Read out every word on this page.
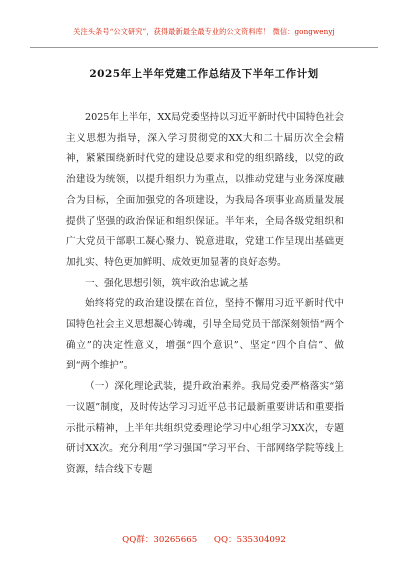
关注头条号“公文研究”，获得最新最全最专业的公文资料库！ 微信：gongwenyj
2025年上半年党建工作总结及下半年工作计划

2025年上半年，XX局党委坚持以习近平新时代中国特色社会主义思想为指导，深入学习贯彻党的XX大和二十届历次全会精神，紧紧围绕新时代党的建设总要求和党的组织路线，以党的政治建设为统领，以提升组织力为重点，以推动党建与业务深度融合为目标，全面加强党的各项建设，为我局各项事业高质量发展提供了坚强的政治保证和组织保证。半年来，全局各级党组织和广大党员干部职工凝心聚力、锐意进取，党建工作呈现出基础更加扎实、特色更加鲜明、成效更加显著的良好态势。

一、强化思想引领，筑牢政治忠诚之基

始终将党的政治建设摆在首位，坚持不懈用习近平新时代中国特色社会主义思想凝心铸魂，引导全局党员干部深刻领悟“两个确立”的决定性意义，增强“四个意识”、坚定“四个自信”、做到“两个维护”。

（一）深化理论武装，提升政治素养。我局党委严格落实“第一议题”制度，及时传达学习习近平总书记最新重要讲话和重要指示批示精神，上半年共组织党委理论学习中心组学习XX次，专题研讨XX次。充分利用“学习强国”学习平台、干部网络学院等线上资源，结合线下专题

QQ群：30265665 QQ：535304092
